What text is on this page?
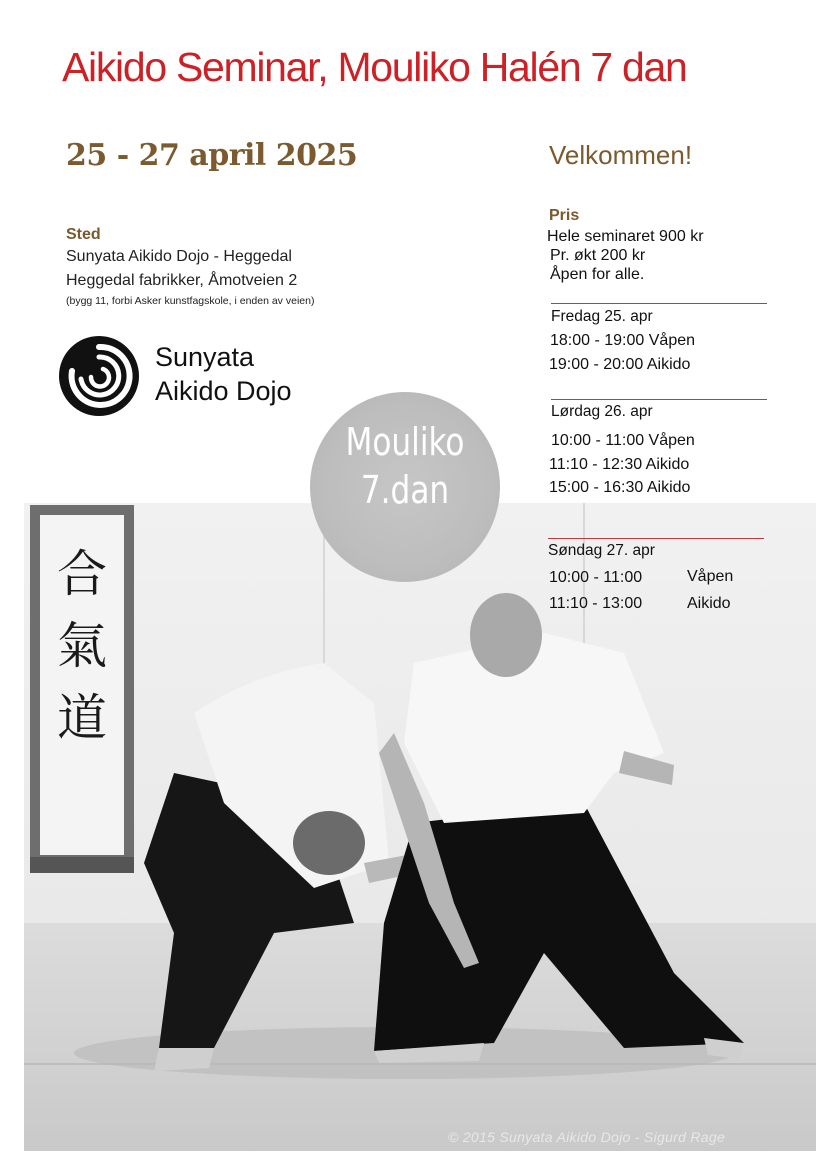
Aikido Seminar, Mouliko Halén 7 dan
25 - 27 april 2025	Velkommen!
Sted
Sunyata Aikido Dojo - Heggedal
Heggedal fabrikker, Åmotveien 2
(bygg 11, forbi Asker kunstfagskole, i enden av veien)
Sunyata
Aikido Dojo
Pris
Hele seminaret 900 kr
Pr. økt 200 kr
Åpen for alle.
Fredag 25. apr
18:00 - 19:00 Våpen
19:00 - 20:00 Aikido
Lørdag 26. apr
10:00 - 11:00 Våpen
11:10 - 12:30 Aikido
15:00 - 16:30 Aikido
合
氣
道
© 2015 Sunyata Aikido Dojo - Sigurd Rage
Søndag 27. apr
10:00 - 11:00	Våpen
11:10 - 13:00	Aikido
Mouliko
7.dan
